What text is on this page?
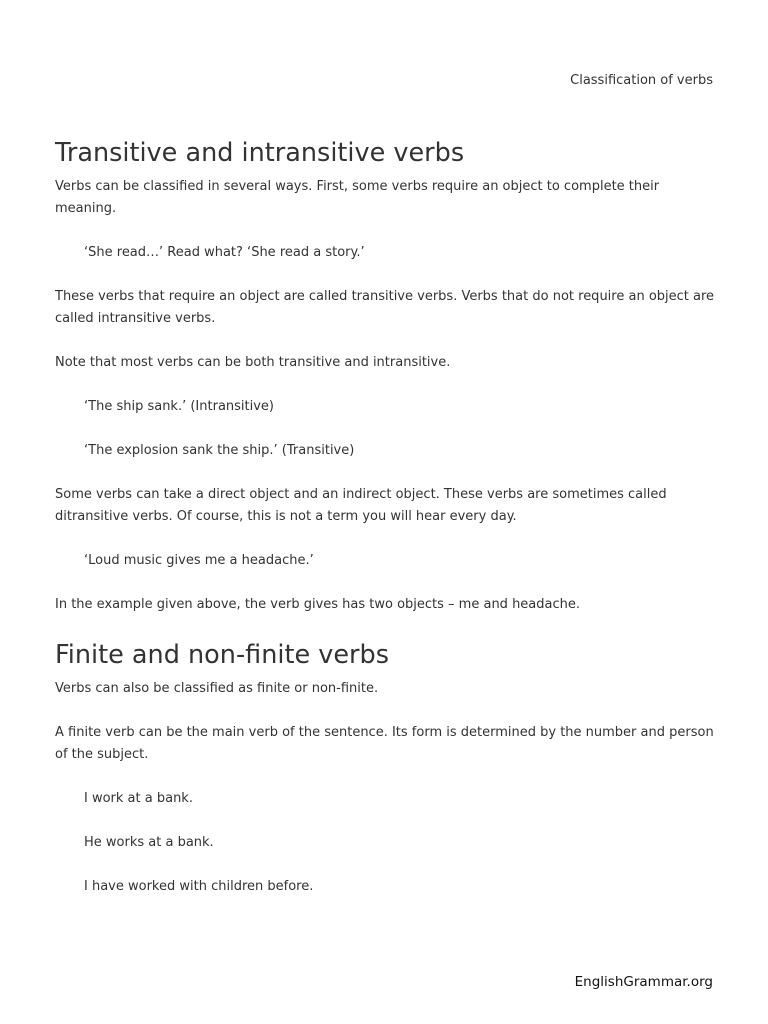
Classification of verbs
Transitive and intransitive verbs

Verbs can be classified in several ways. First, some verbs require an object to complete their meaning.

‘She read…’ Read what? ‘She read a story.’

These verbs that require an object are called transitive verbs. Verbs that do not require an object are called intransitive verbs.

Note that most verbs can be both transitive and intransitive.

‘The ship sank.’ (Intransitive)

‘The explosion sank the ship.’ (Transitive)

Some verbs can take a direct object and an indirect object. These verbs are sometimes called ditransitive verbs. Of course, this is not a term you will hear every day.

‘Loud music gives me a headache.’

In the example given above, the verb gives has two objects – me and headache.

Finite and non-finite verbs

Verbs can also be classified as finite or non-finite.

A finite verb can be the main verb of the sentence. Its form is determined by the number and person of the subject.

I work at a bank.

He works at a bank.

I have worked with children before.

EnglishGrammar.org
